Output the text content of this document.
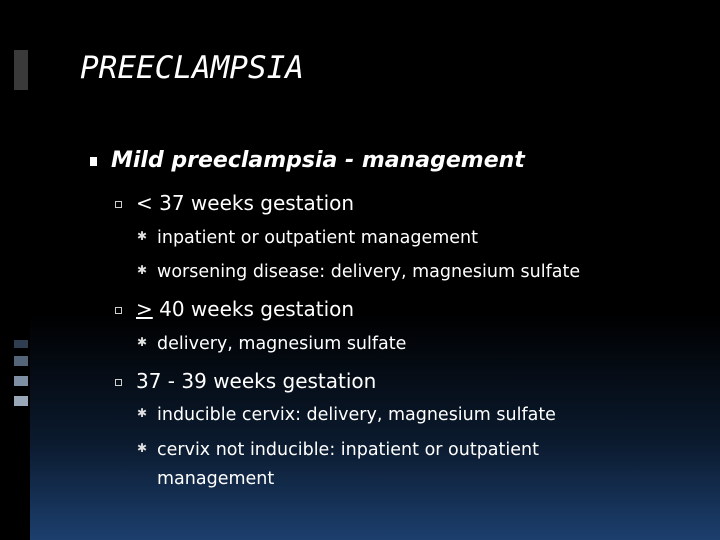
PREECLAMPSIA
Mild preeclampsia - management
< 37 weeks gestation
✱ inpatient or outpatient management
✱ worsening disease: delivery, magnesium sulfate
> 40 weeks gestation
✱ delivery, magnesium sulfate
37 - 39 weeks gestation
✱ inducible cervix: delivery, magnesium sulfate
✱ cervix not inducible: inpatient or outpatient
management
